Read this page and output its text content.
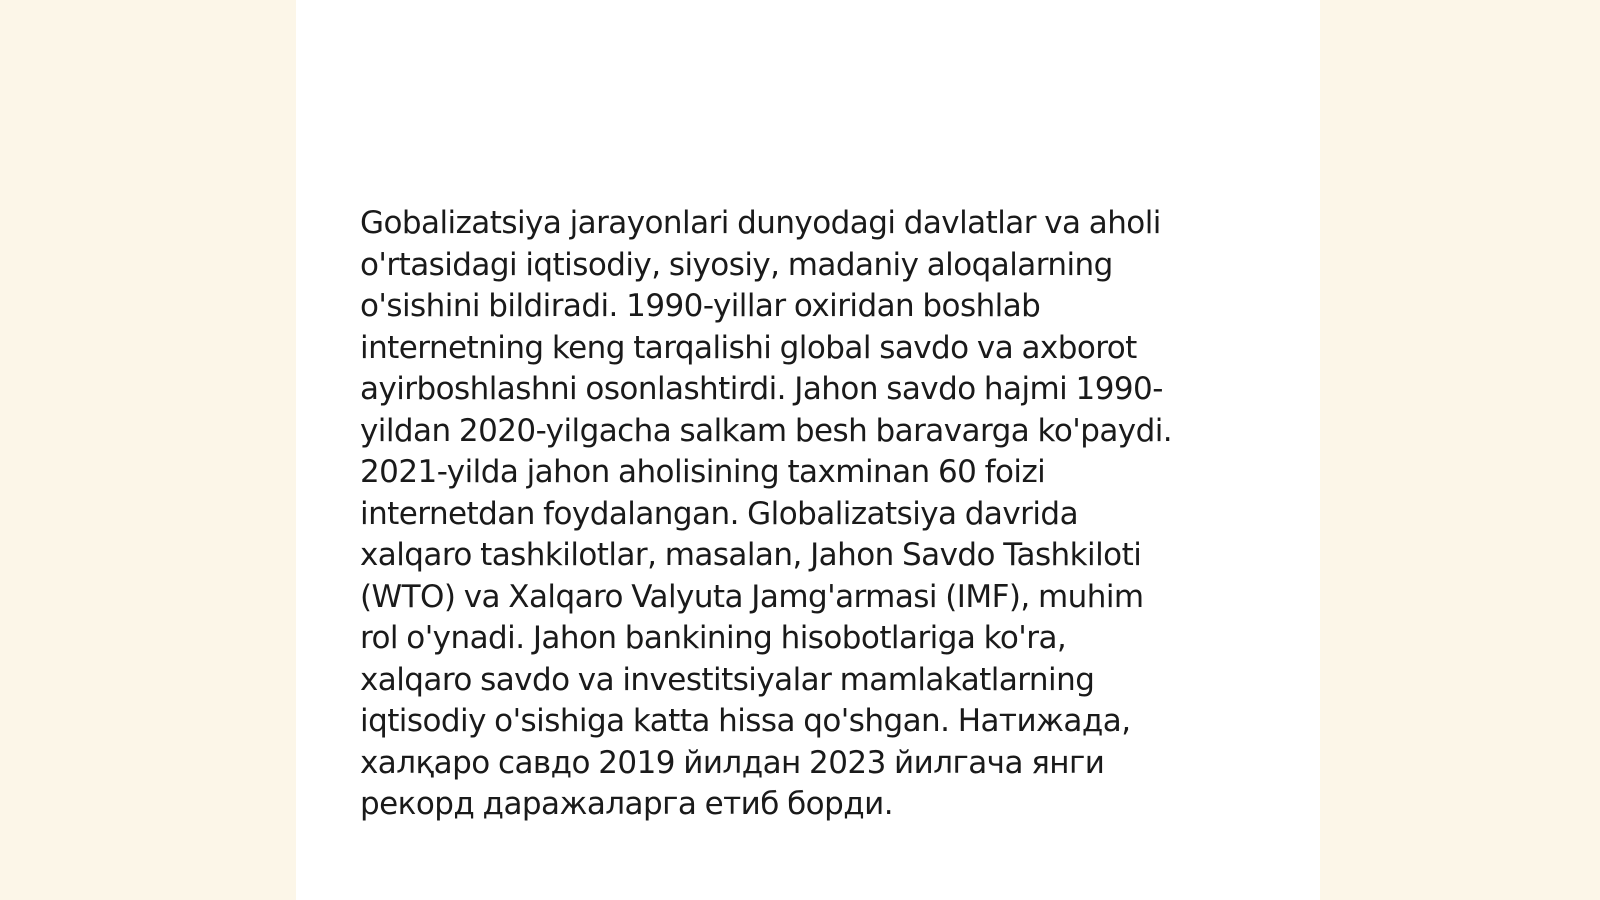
Gobalizatsiya jarayonlari dunyodagi davlatlar va aholi
o'rtasidagi iqtisodiy, siyosiy, madaniy aloqalarning
o'sishini bildiradi. 1990-yillar oxiridan boshlab
internetning keng tarqalishi global savdo va axborot
ayirboshlashni osonlashtirdi. Jahon savdo hajmi 1990-
yildan 2020-yilgacha salkam besh baravarga ko'paydi.
2021-yilda jahon aholisining taxminan 60 foizi
internetdan foydalangan. Globalizatsiya davrida
xalqaro tashkilotlar, masalan, Jahon Savdo Tashkiloti
(WTO) va Xalqaro Valyuta Jamg'armasi (IMF), muhim
rol o'ynadi. Jahon bankining hisobotlariga ko'ra,
xalqaro savdo va investitsiyalar mamlakatlarning
iqtisodiy o'sishiga katta hissa qo'shgan. Натижада,
халқаро савдо 2019 йилдан 2023 йилгача янги
рекорд даражаларга етиб борди.
